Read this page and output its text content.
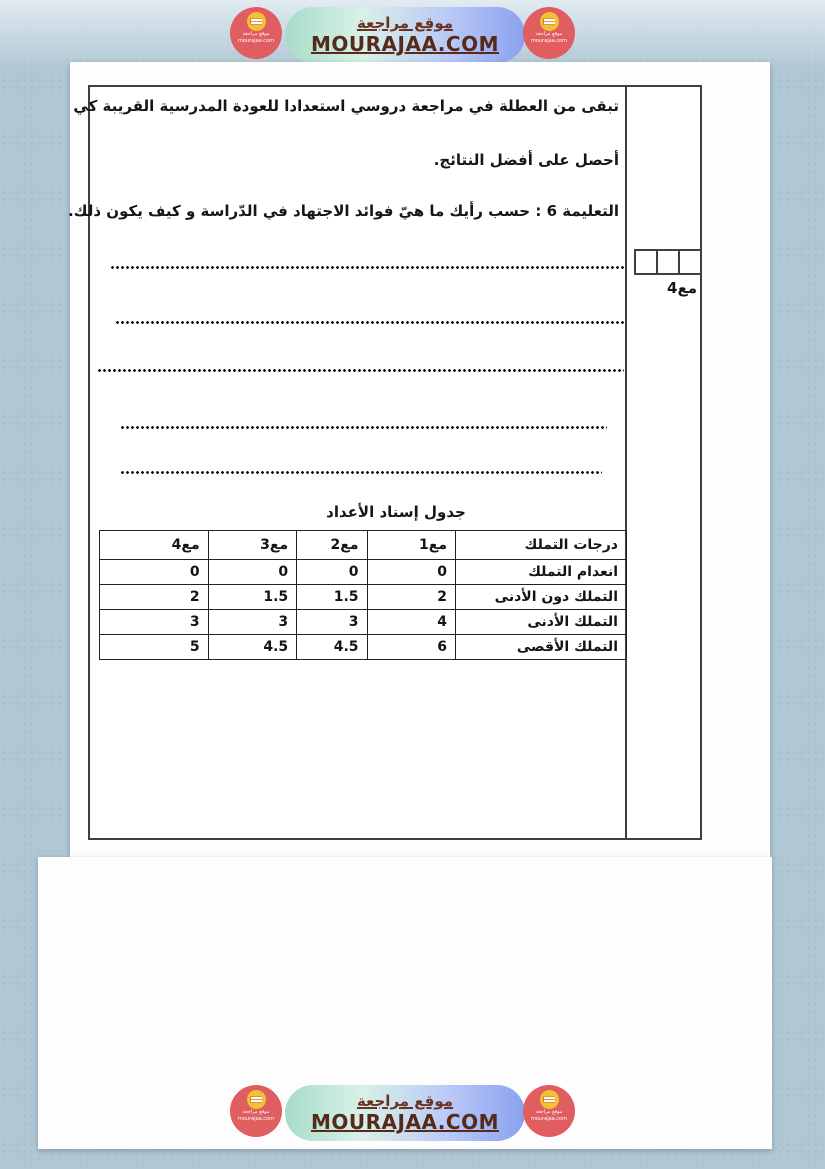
موقع مراجعة
mourajaa.com
موقع مراجعة
MOURAJAA.COM	موقع مراجعة
mourajaa.com
تبقى من العطلة في مراجعة دروسي استعدادا للعودة المدرسية القريبة كي
أحصل على أفضل النتائج.
التعليمة 6 : حسب رأيك ما هيّ فوائد الاجتهاد في الدّراسة و كيف يكون ذلك.
مع4
جدول إسناد الأعداد
درجات التملك	مع1	مع2	مع3	مع4
انعدام التملك	0	0	0	0
التملك دون الأدنى	2	1.5	1.5	2
التملك الأدنى	4	3	3	3
التملك الأقصى	6	4.5	4.5	5
موقع مراجعة
mourajaa.com
موقع مراجعة
MOURAJAA.COM	موقع مراجعة
mourajaa.com
